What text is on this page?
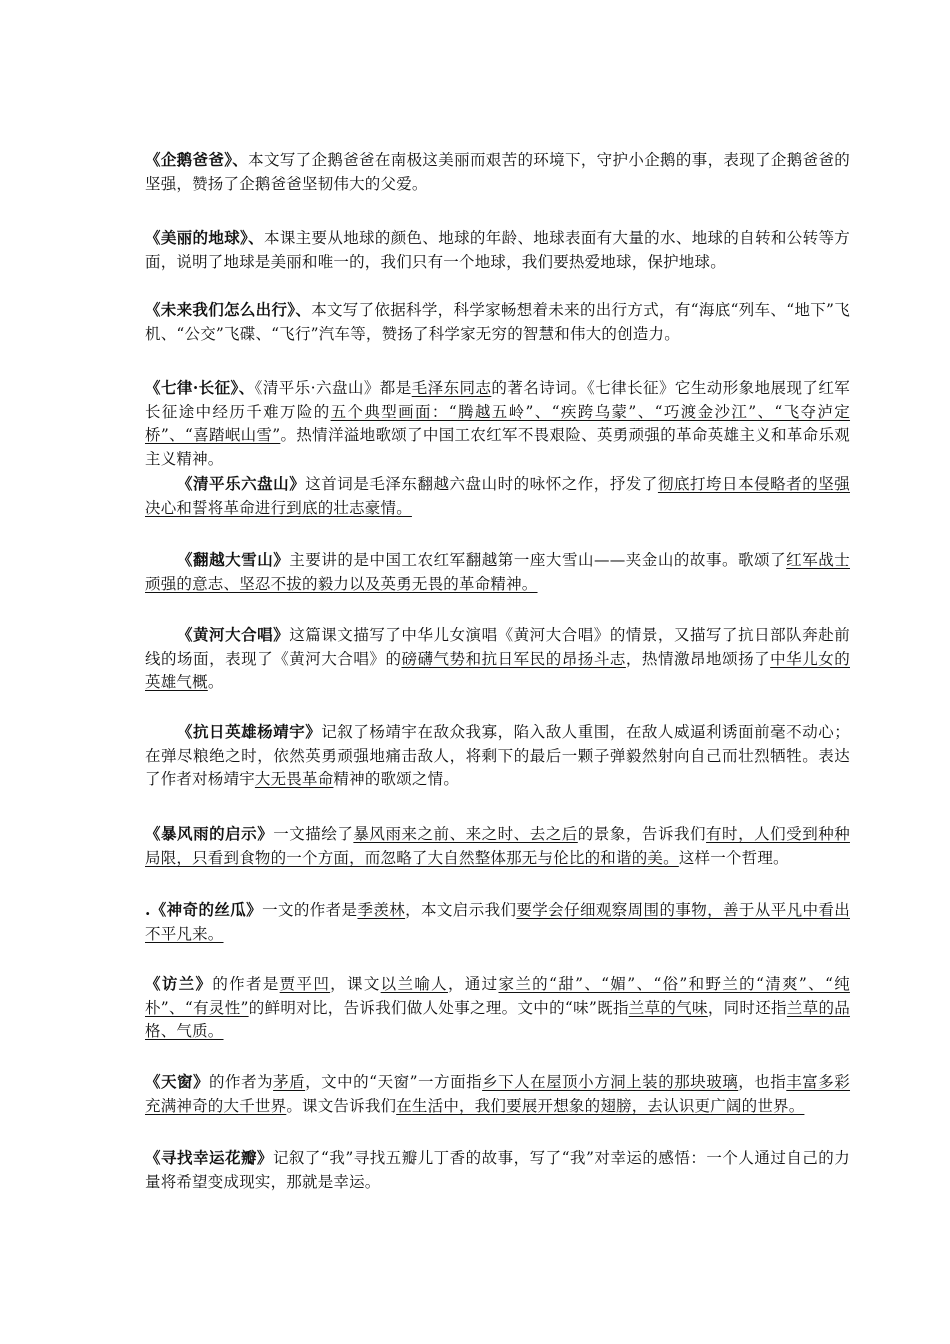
《企鹅爸爸》、本文写了企鹅爸爸在南极这美丽而艰苦的环境下，守护小企鹅的事，表现了企鹅爸爸的坚强，赞扬了企鹅爸爸坚韧伟大的父爱。

《美丽的地球》、本课主要从地球的颜色、地球的年龄、地球表面有大量的水、地球的自转和公转等方面，说明了地球是美丽和唯一的，我们只有一个地球，我们要热爱地球，保护地球。

《未来我们怎么出行》、本文写了依据科学，科学家畅想着未来的出行方式，有“海底“列车、“地下”飞机、“公交”飞碟、“飞行”汽车等，赞扬了科学家无穷的智慧和伟大的创造力。

《七律·长征》、《清平乐·六盘山》都是毛泽东同志的著名诗词。《七律长征》它生动形象地展现了红军长征途中经历千难万险的五个典型画面：“腾越五岭”、“疾跨乌蒙”、“巧渡金沙江”、“飞夺泸定桥”、“喜踏岷山雪”。热情洋溢地歌颂了中国工农红军不畏艰险、英勇顽强的革命英雄主义和革命乐观主义精神。

《清平乐六盘山》这首词是毛泽东翻越六盘山时的咏怀之作，抒发了彻底打垮日本侵略者的坚强决心和誓将革命进行到底的壮志豪情。

《翻越大雪山》主要讲的是中国工农红军翻越第一座大雪山——夹金山的故事。歌颂了红军战士顽强的意志、坚忍不拔的毅力以及英勇无畏的革命精神。

《黄河大合唱》这篇课文描写了中华儿女演唱《黄河大合唱》的情景，又描写了抗日部队奔赴前线的场面，表现了《黄河大合唱》的磅礴气势和抗日军民的昂扬斗志，热情激昂地颂扬了中华儿女的英雄气概。

《抗日英雄杨靖宇》记叙了杨靖宇在敌众我寡，陷入敌人重围，在敌人威逼利诱面前毫不动心；在弹尽粮绝之时，依然英勇顽强地痛击敌人，将剩下的最后一颗子弹毅然射向自己而壮烈牺牲。表达了作者对杨靖宇大无畏革命精神的歌颂之情。

《暴风雨的启示》一文描绘了暴风雨来之前、来之时、去之后的景象，告诉我们有时，人们受到种种局限，只看到食物的一个方面，而忽略了大自然整体那无与伦比的和谐的美。这样一个哲理。

.《神奇的丝瓜》一文的作者是季羡林，本文启示我们要学会仔细观察周围的事物，善于从平凡中看出不平凡来。

《访兰》的作者是贾平凹，课文以兰喻人，通过家兰的“甜”、“媚”、“俗”和野兰的“清爽”、“纯朴”、“有灵性”的鲜明对比，告诉我们做人处事之理。文中的“味”既指兰草的气味，同时还指兰草的品格、气质。

《天窗》的作者为茅盾，文中的“天窗”一方面指乡下人在屋顶小方洞上装的那块玻璃，也指丰富多彩充满神奇的大千世界。课文告诉我们在生活中，我们要展开想象的翅膀，去认识更广阔的世界。

《寻找幸运花瓣》记叙了“我”寻找五瓣儿丁香的故事，写了“我”对幸运的感悟：一个人通过自己的力量将希望变成现实，那就是幸运。
